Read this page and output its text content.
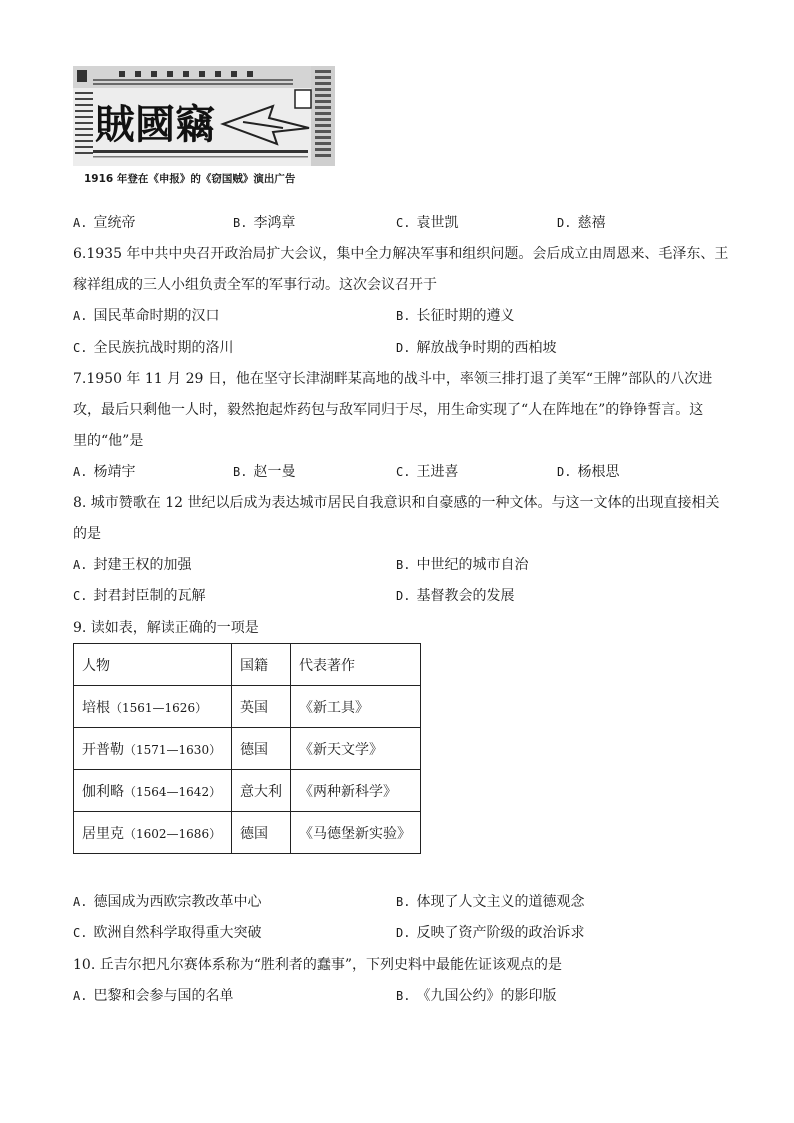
賊國竊
1916 年登在《申报》的《窃国贼》演出广告
A. 宣统帝	B. 李鸿章	C. 袁世凯	D. 慈禧
6.1935 年中共中央召开政治局扩大会议，集中全力解决军事和组织问题。会后成立由周恩来、毛泽东、王
稼祥组成的三人小组负责全军的军事行动。这次会议召开于
A. 国民革命时期的汉口	B. 长征时期的遵义
C. 全民族抗战时期的洛川	D. 解放战争时期的西柏坡
7.1950 年 11 月 29 日，他在坚守长津湖畔某高地的战斗中，率领三排打退了美军“王牌”部队的八次进
攻，最后只剩他一人时，毅然抱起炸药包与敌军同归于尽，用生命实现了“人在阵地在”的铮铮誓言。这
里的“他”是
A. 杨靖宇	B. 赵一曼	C. 王进喜	D. 杨根思
8. 城市赞歌在 12 世纪以后成为表达城市居民自我意识和自豪感的一种文体。与这一文体的出现直接相关
的是
A. 封建王权的加强	B. 中世纪的城市自治
C. 封君封臣制的瓦解	D. 基督教会的发展
9. 读如表，解读正确的一项是
人物	国籍	代表著作
培根（1561—1626）	英国	《新工具》
开普勒（1571—1630）	德国	《新天文学》
伽利略（1564—1642）	意大利	《两种新科学》
居里克（1602—1686）	德国	《马德堡新实验》
A. 德国成为西欧宗教改革中心	B. 体现了人文主义的道德观念
C. 欧洲自然科学取得重大突破	D. 反映了资产阶级的政治诉求
10. 丘吉尔把凡尔赛体系称为“胜利者的蠢事”，下列史料中最能佐证该观点的是
A. 巴黎和会参与国的名单	B. 《九国公约》的影印版
